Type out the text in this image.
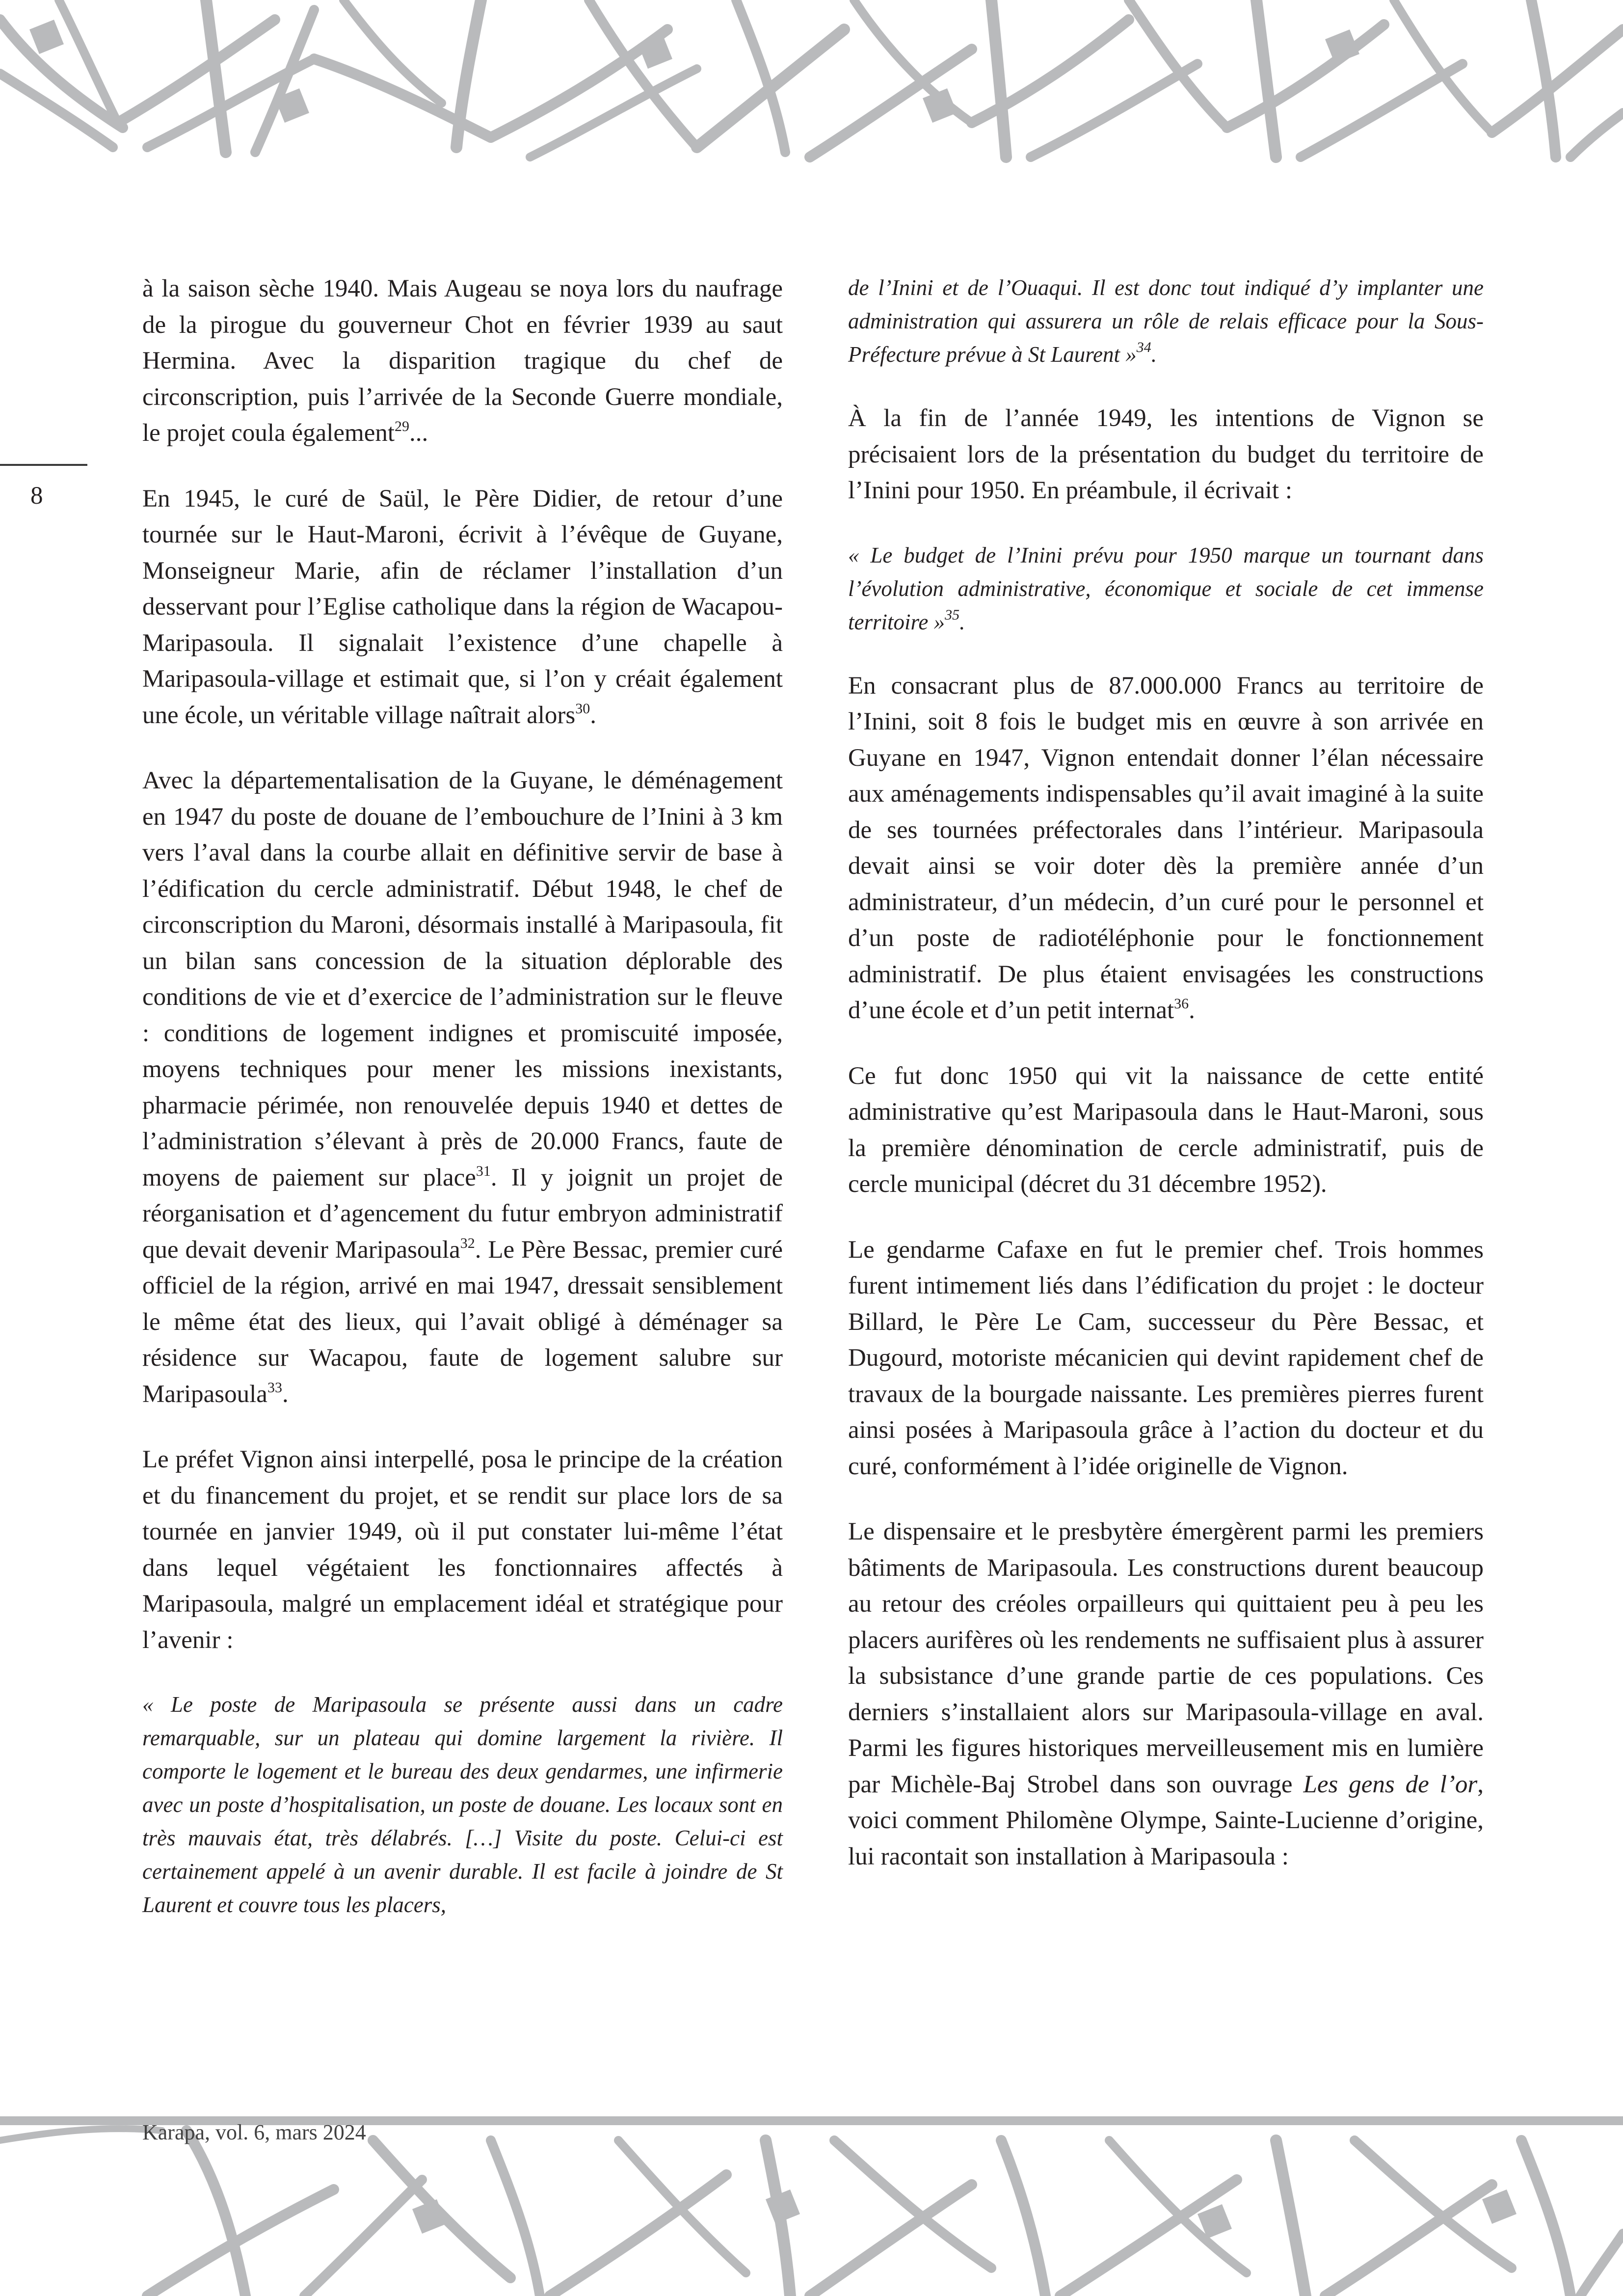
8

à la saison sèche 1940. Mais Augeau se noya lors du naufrage de la pirogue du gouverneur Chot en février 1939 au saut Hermina. Avec la disparition tragique du chef de circonscription, puis l’arrivée de la Seconde Guerre mondiale, le projet coula également$^{29}$...

En 1945, le curé de Saül, le Père Didier, de retour d’une tournée sur le Haut-Maroni, écrivit à l’évêque de Guyane, Monseigneur Marie, afin de réclamer l’installation d’un desservant pour l’Eglise catholique dans la région de Wacapou-Maripasoula. Il signalait l’existence d’une chapelle à Maripasoula-village et estimait que, si l’on y créait également une école, un véritable village naîtrait alors$^{30}$.

Avec la départementalisation de la Guyane, le déménagement en 1947 du poste de douane de l’embouchure de l’Inini à 3 km vers l’aval dans la courbe allait en définitive servir de base à l’édification du cercle administratif. Début 1948, le chef de circonscription du Maroni, désormais installé à Maripasoula, fit un bilan sans concession de la situation déplorable des conditions de vie et d’exercice de l’administration sur le fleuve : conditions de logement indignes et promiscuité imposée, moyens techniques pour mener les missions inexistants, pharmacie périmée, non renouvelée depuis 1940 et dettes de l’administration s’élevant à près de 20.000 Francs, faute de moyens de paiement sur place$^{31}$. Il y joignit un projet de réorganisation et d’agencement du futur embryon administratif que devait devenir Maripasoula$^{32}$. Le Père Bessac, premier curé officiel de la région, arrivé en mai 1947, dressait sensiblement le même état des lieux, qui l’avait obligé à déménager sa résidence sur Wacapou, faute de logement salubre sur Maripasoula$^{33}$.

Le préfet Vignon ainsi interpellé, posa le principe de la création et du financement du projet, et se rendit sur place lors de sa tournée en janvier 1949, où il put constater lui-même l’état dans lequel végétaient les fonctionnaires affectés à Maripasoula, malgré un emplacement idéal et stratégique pour l’avenir :

« Le poste de Maripasoula se présente aussi dans un cadre remarquable, sur un plateau qui domine largement la rivière. Il comporte le logement et le bureau des deux gendarmes, une infirmerie avec un poste d’hospitalisation, un poste de douane. Les locaux sont en très mauvais état, très délabrés. […] Visite du poste. Celui-ci est certainement appelé à un avenir durable. Il est facile à joindre de St Laurent et couvre tous les placers,

de l’Inini et de l’Ouaqui. Il est donc tout indiqué d’y implanter une administration qui assurera un rôle de relais efficace pour la Sous-Préfecture prévue à St Laurent »$^{34}$.

À la fin de l’année 1949, les intentions de Vignon se précisaient lors de la présentation du budget du territoire de l’Inini pour 1950. En préambule, il écrivait :

« Le budget de l’Inini prévu pour 1950 marque un tournant dans l’évolution administrative, économique et sociale de cet immense territoire »$^{35}$.

En consacrant plus de 87.000.000 Francs au territoire de l’Inini, soit 8 fois le budget mis en œuvre à son arrivée en Guyane en 1947, Vignon entendait donner l’élan nécessaire aux aménagements indispensables qu’il avait imaginé à la suite de ses tournées préfectorales dans l’intérieur. Maripasoula devait ainsi se voir doter dès la première année d’un administrateur, d’un médecin, d’un curé pour le personnel et d’un poste de radiotéléphonie pour le fonctionnement administratif. De plus étaient envisagées les constructions d’une école et d’un petit internat$^{36}$.

Ce fut donc 1950 qui vit la naissance de cette entité administrative qu’est Maripasoula dans le Haut-Maroni, sous la première dénomination de cercle administratif, puis de cercle municipal (décret du 31 décembre 1952).

Le gendarme Cafaxe en fut le premier chef. Trois hommes furent intimement liés dans l’édification du projet : le docteur Billard, le Père Le Cam, successeur du Père Bessac, et Dugourd, motoriste mécanicien qui devint rapidement chef de travaux de la bourgade naissante. Les premières pierres furent ainsi posées à Maripasoula grâce à l’action du docteur et du curé, conformément à l’idée originelle de Vignon.

Le dispensaire et le presbytère émergèrent parmi les premiers bâtiments de Maripasoula. Les constructions durent beaucoup au retour des créoles orpailleurs qui quittaient peu à peu les placers aurifères où les rendements ne suffisaient plus à assurer la subsistance d’une grande partie de ces populations. Ces derniers s’installaient alors sur Maripasoula-village en aval. Parmi les figures historiques merveilleusement mis en lumière par Michèle-Baj Strobel dans son ouvrage Les gens de l’or, voici comment Philomène Olympe, Sainte-Lucienne d’origine, lui racontait son installation à Maripasoula :

Karapa, vol. 6, mars 2024
